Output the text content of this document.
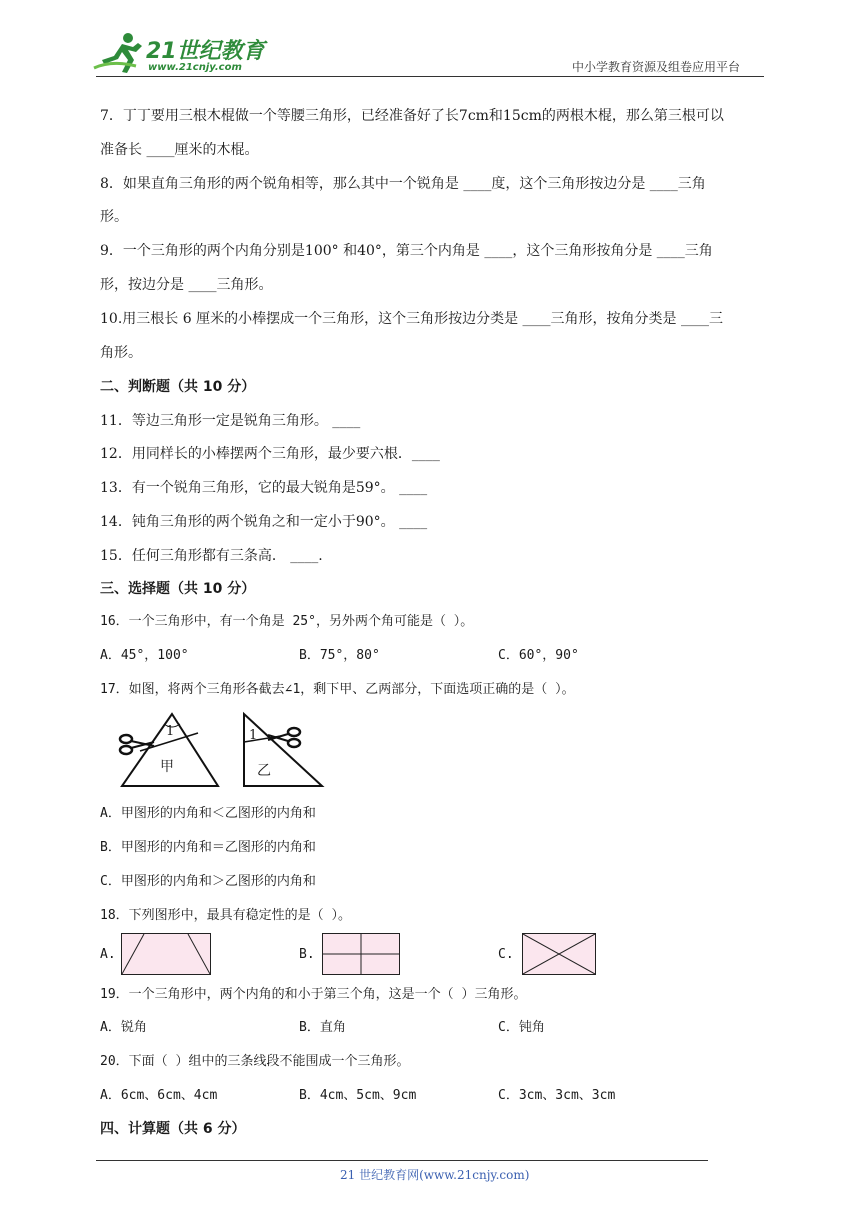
21世纪教育
www.21cnjy.com	中小学教育资源及组卷应用平台
7．丁丁要用三根木棍做一个等腰三角形，已经准备好了长7cm和15cm的两根木棍，那么第三根可以
准备长 ____厘米的木棍。
8．如果直角三角形的两个锐角相等，那么其中一个锐角是 ____度，这个三角形按边分是 ____三角
形。
9．一个三角形的两个内角分别是100° 和40°，第三个内角是 ____，这个三角形按角分是 ____三角
形，按边分是 ____三角形。
10.用三根长 6 厘米的小棒摆成一个三角形，这个三角形按边分类是 ____三角形，按角分类是 ____三
角形。
二、判断题（共 10 分）
11．等边三角形一定是锐角三角形。 ____
12．用同样长的小棒摆两个三角形，最少要六根．____
13．有一个锐角三角形，它的最大锐角是59°。 ____
14．钝角三角形的两个锐角之和一定小于90°。 ____
15．任何三角形都有三条高． ____.
三、选择题（共 10 分）
16．一个三角形中，有一个角是 25°，另外两个角可能是（ ）。
A．45°，100°	B．75°，80°	C．60°，90°
17．如图，将两个三角形各截去∠1，剩下甲、乙两部分，下面选项正确的是（ ）。
1
甲
1
乙
A．甲图形的内角和＜乙图形的内角和
B．甲图形的内角和＝乙图形的内角和
C．甲图形的内角和＞乙图形的内角和
18．下列图形中，最具有稳定性的是（ ）。
A.	B.	C.
19．一个三角形中，两个内角的和小于第三个角，这是一个（ ）三角形。
A．锐角	B．直角	C．钝角
20．下面（ ）组中的三条线段不能围成一个三角形。
A．6cm、6cm、4cm	B．4cm、5cm、9cm	C．3cm、3cm、3cm
四、计算题（共 6 分）
21 世纪教育网(www.21cnjy.com)
